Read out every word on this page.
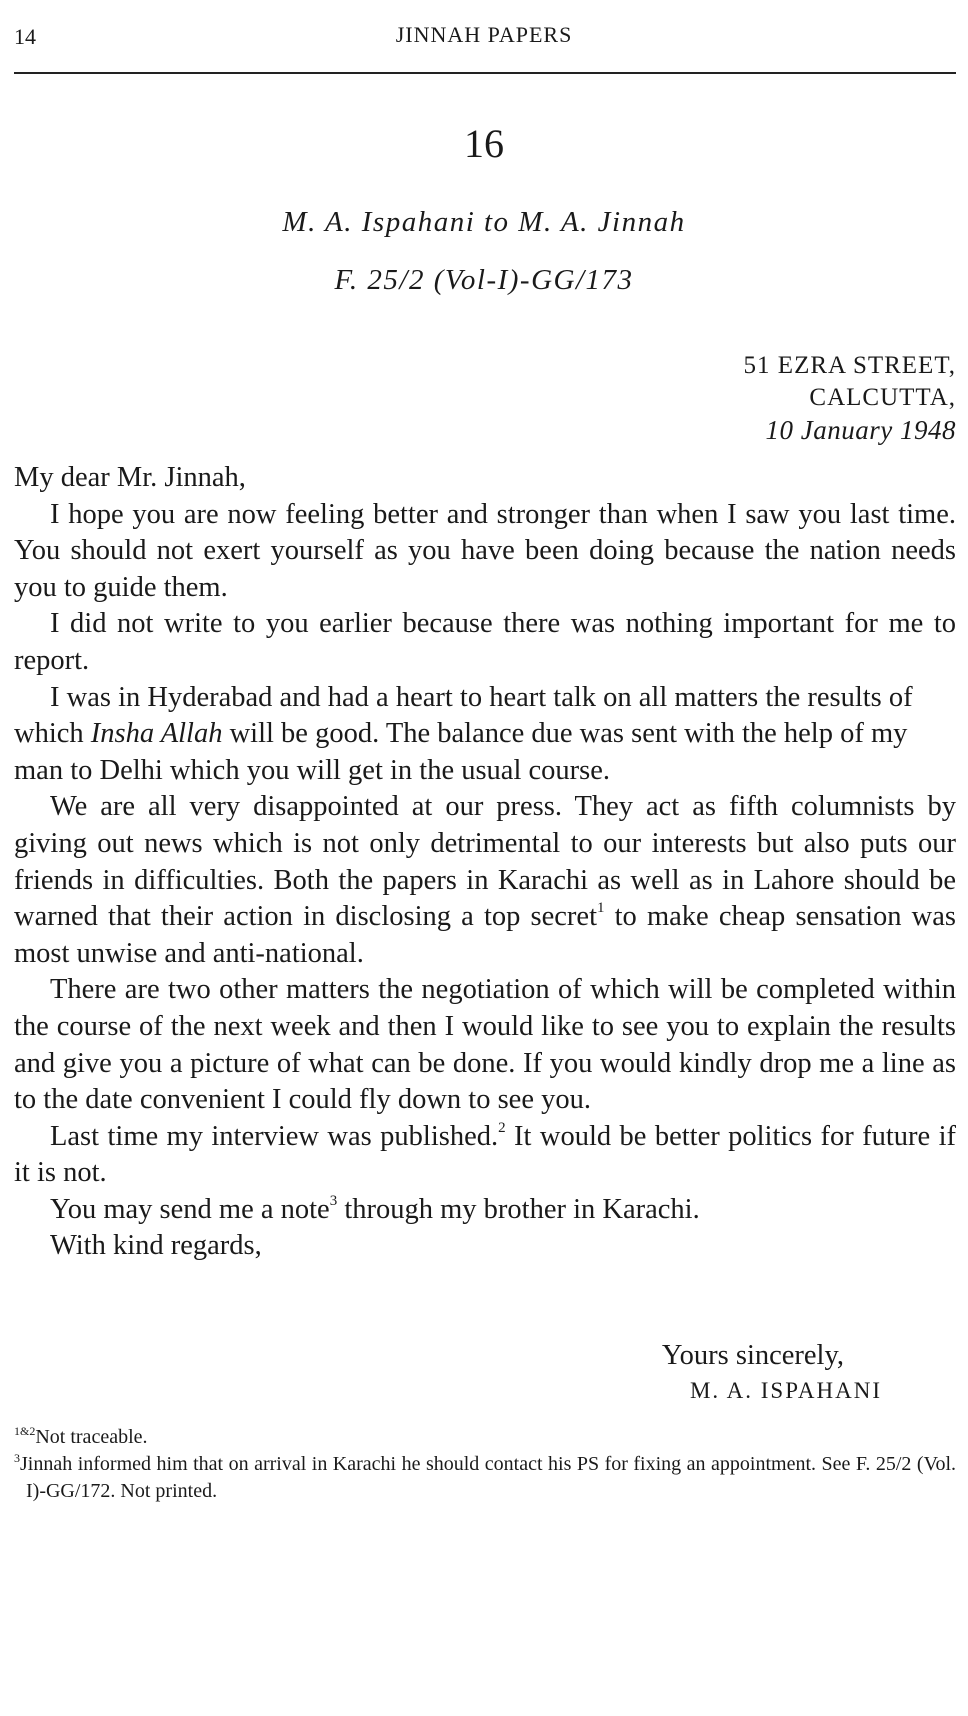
14	JINNAH PAPERS
16
M. A. Ispahani to M. A. Jinnah
F. 25/2 (Vol-I)-GG/173
51 EZRA STREET,
CALCUTTA,
10 January 1948

My dear Mr. Jinnah,

I hope you are now feeling better and stronger than when I saw you last time. You should not exert yourself as you have been doing because the nation needs you to guide them.

I did not write to you earlier because there was nothing important for me to report.

I was in Hyderabad and had a heart to heart talk on all matters the results of which Insha Allah will be good. The balance due was sent with the help of my man to Delhi which you will get in the usual course.

We are all very disappointed at our press. They act as fifth columnists by giving out news which is not only detrimental to our interests but also puts our friends in difficulties. Both the papers in Karachi as well as in Lahore should be warned that their action in disclosing a top secret$^1$ to make cheap sensation was most unwise and anti-national.

There are two other matters the negotiation of which will be completed within the course of the next week and then I would like to see you to explain the results and give you a picture of what can be done. If you would kindly drop me a line as to the date convenient I could fly down to see you.

Last time my interview was published.$^2$ It would be better politics for future if it is not.

You may send me a note$^3$ through my brother in Karachi.

With kind regards,

Yours sincerely,
M. A. ISPAHANI

$^{1\&2}$Not traceable.

$^3$Jinnah informed him that on arrival in Karachi he should contact his PS for fixing an appointment. See F. 25/2 (Vol. I)-GG/172. Not printed.
